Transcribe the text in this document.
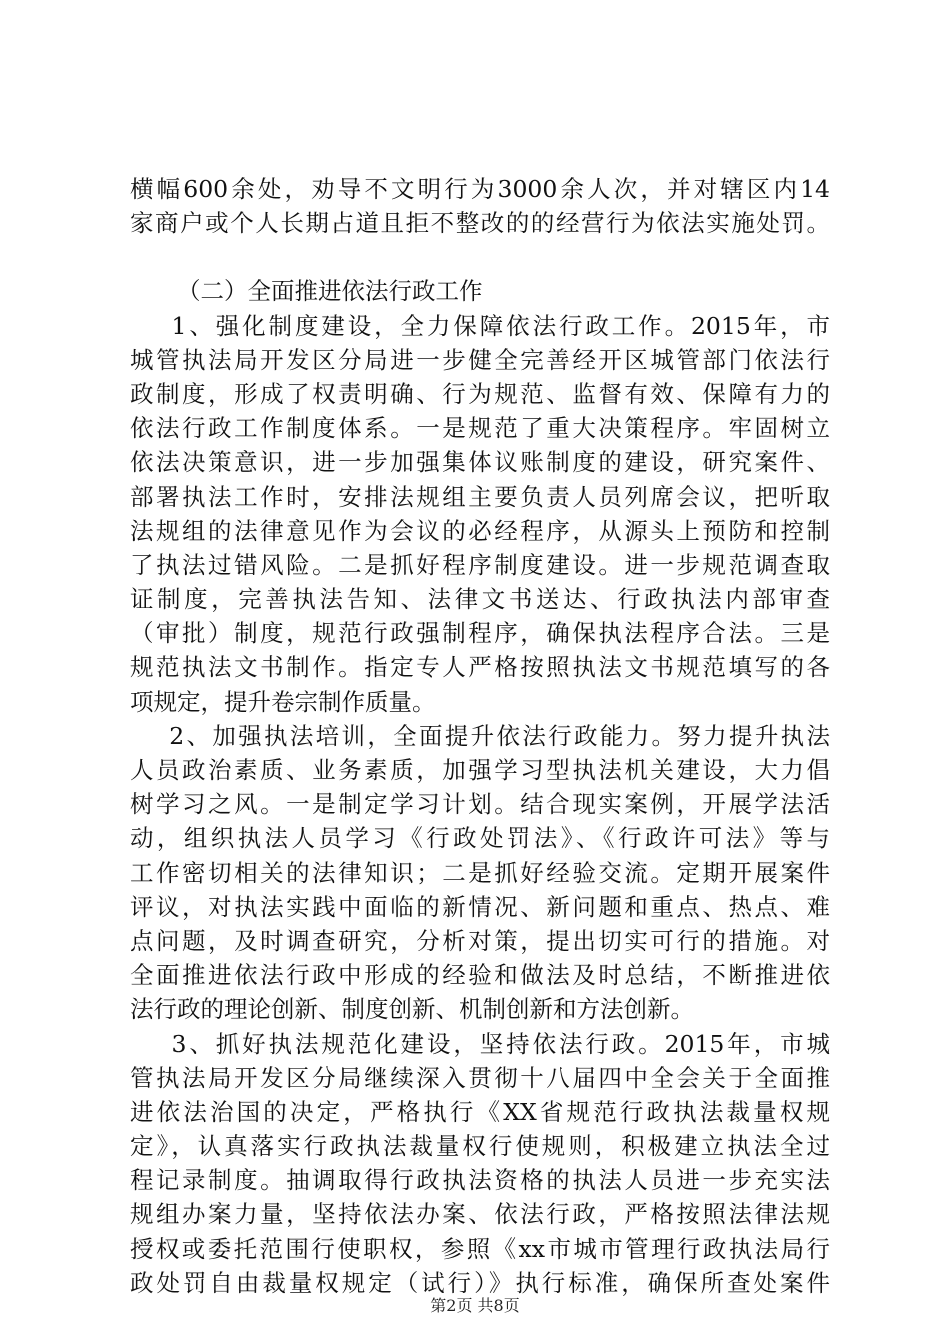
横幅600余处，劝导不文明行为3000余人次，并对辖区内14
家商户或个人长期占道且拒不整改的的经营行为依法实施处罚。
（二）全面推进依法行政工作
1、强化制度建设，全力保障依法行政工作。2015年，市
城管执法局开发区分局进一步健全完善经开区城管部门依法行
政制度，形成了权责明确、行为规范、监督有效、保障有力的
依法行政工作制度体系。一是规范了重大决策程序。牢固树立
依法决策意识，进一步加强集体议账制度的建设，研究案件、
部署执法工作时，安排法规组主要负责人员列席会议，把听取
法规组的法律意见作为会议的必经程序，从源头上预防和控制
了执法过错风险。二是抓好程序制度建设。进一步规范调查取
证制度，完善执法告知、法律文书送达、行政执法内部审查
（审批）制度，规范行政强制程序，确保执法程序合法。三是
规范执法文书制作。指定专人严格按照执法文书规范填写的各
项规定，提升卷宗制作质量。
2、加强执法培训，全面提升依法行政能力。努力提升执法
人员政治素质、业务素质，加强学习型执法机关建设，大力倡
树学习之风。一是制定学习计划。结合现实案例，开展学法活
动，组织执法人员学习《行政处罚法》、《行政许可法》等与
工作密切相关的法律知识；二是抓好经验交流。定期开展案件
评议，对执法实践中面临的新情况、新问题和重点、热点、难
点问题，及时调查研究，分析对策，提出切实可行的措施。对
全面推进依法行政中形成的经验和做法及时总结，不断推进依
法行政的理论创新、制度创新、机制创新和方法创新。
3、抓好执法规范化建设，坚持依法行政。2015年，市城
管执法局开发区分局继续深入贯彻十八届四中全会关于全面推
进依法治国的决定，严格执行《XX省规范行政执法裁量权规
定》，认真落实行政执法裁量权行使规则，积极建立执法全过
程记录制度。抽调取得行政执法资格的执法人员进一步充实法
规组办案力量，坚持依法办案、依法行政，严格按照法律法规
授权或委托范围行使职权，参照《xx市城市管理行政执法局行
政处罚自由裁量权规定（试行）》执行标准，确保所查处案件
第2页 共8页
